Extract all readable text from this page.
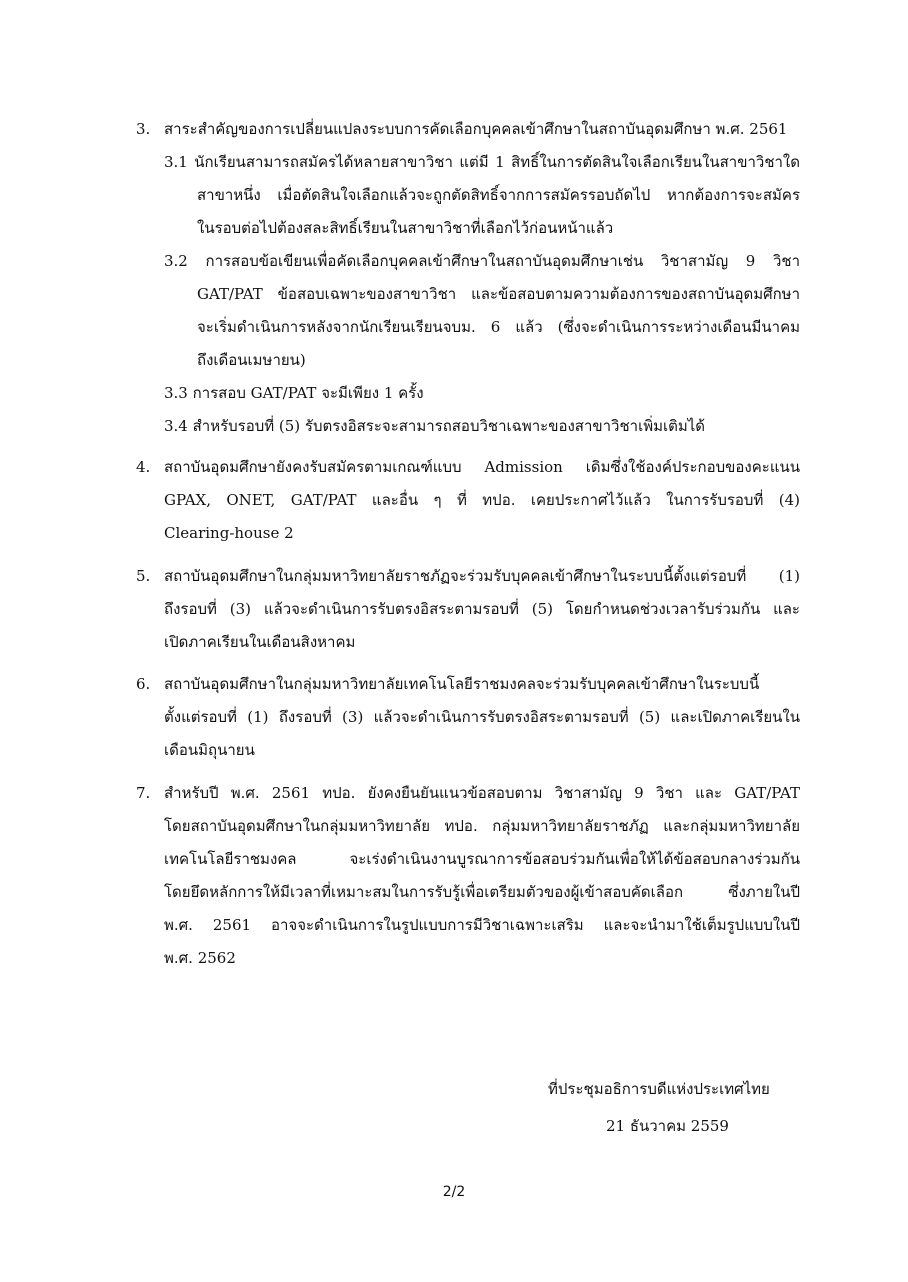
3. สาระสำคัญของการเปลี่ยนแปลงระบบการคัดเลือกบุคคลเข้าศึกษาในสถาบันอุดมศึกษา พ.ศ. 2561
3.1 นักเรียนสามารถสมัครได้หลายสาขาวิชา แต่มี 1 สิทธิ์ในการตัดสินใจเลือกเรียนในสาขาวิชาใด
สาขาหนึ่ง เมื่อตัดสินใจเลือกแล้วจะถูกตัดสิทธิ์จากการสมัครรอบถัดไป หากต้องการจะสมัคร
ในรอบต่อไปต้องสละสิทธิ์เรียนในสาขาวิชาที่เลือกไว้ก่อนหน้าแล้ว
3.2 การสอบข้อเขียนเพื่อคัดเลือกบุคคลเข้าศึกษาในสถาบันอุดมศึกษาเช่น วิชาสามัญ 9 วิชา
GAT/PAT ข้อสอบเฉพาะของสาขาวิชา และข้อสอบตามความต้องการของสถาบันอุดมศึกษา
จะเริ่มดำเนินการหลังจากนักเรียนเรียนจบม. 6 แล้ว (ซึ่งจะดำเนินการระหว่างเดือนมีนาคม
ถึงเดือนเมษายน)
3.3 การสอบ GAT/PAT จะมีเพียง 1 ครั้ง
3.4 สำหรับรอบที่ (5) รับตรงอิสระจะสามารถสอบวิชาเฉพาะของสาขาวิชาเพิ่มเติมได้
4. สถาบันอุดมศึกษายังคงรับสมัครตามเกณฑ์แบบ Admission เดิมซึ่งใช้องค์ประกอบของคะแนน
GPAX, ONET, GAT/PAT และอื่น ๆ ที่ ทปอ. เคยประกาศไว้แล้ว ในการรับรอบที่ (4)
Clearing-house 2
5. สถาบันอุดมศึกษาในกลุ่มมหาวิทยาลัยราชภัฏจะร่วมรับบุคคลเข้าศึกษาในระบบนี้ตั้งแต่รอบที่ (1)
ถึงรอบที่ (3) แล้วจะดำเนินการรับตรงอิสระตามรอบที่ (5) โดยกำหนดช่วงเวลารับร่วมกัน และ
เปิดภาคเรียนในเดือนสิงหาคม
6. สถาบันอุดมศึกษาในกลุ่มมหาวิทยาลัยเทคโนโลยีราชมงคลจะร่วมรับบุคคลเข้าศึกษาในระบบนี้
ตั้งแต่รอบที่ (1) ถึงรอบที่ (3) แล้วจะดำเนินการรับตรงอิสระตามรอบที่ (5) และเปิดภาคเรียนใน
เดือนมิถุนายน
7. สำหรับปี พ.ศ. 2561 ทปอ. ยังคงยืนยันแนวข้อสอบตาม วิชาสามัญ 9 วิชา และ GAT/PAT
โดยสถาบันอุดมศึกษาในกลุ่มมหาวิทยาลัย ทปอ. กลุ่มมหาวิทยาลัยราชภัฏ และกลุ่มมหาวิทยาลัย
เทคโนโลยีราชมงคล จะเร่งดำเนินงานบูรณาการข้อสอบร่วมกันเพื่อให้ได้ข้อสอบกลางร่วมกัน
โดยยึดหลักการให้มีเวลาที่เหมาะสมในการรับรู้เพื่อเตรียมตัวของผู้เข้าสอบคัดเลือก ซึ่งภายในปี
พ.ศ. 2561 อาจจะดำเนินการในรูปแบบการมีวิชาเฉพาะเสริม และจะนำมาใช้เต็มรูปแบบในปี
พ.ศ. 2562
ที่ประชุมอธิการบดีแห่งประเทศไทย
21 ธันวาคม 2559
2/2
